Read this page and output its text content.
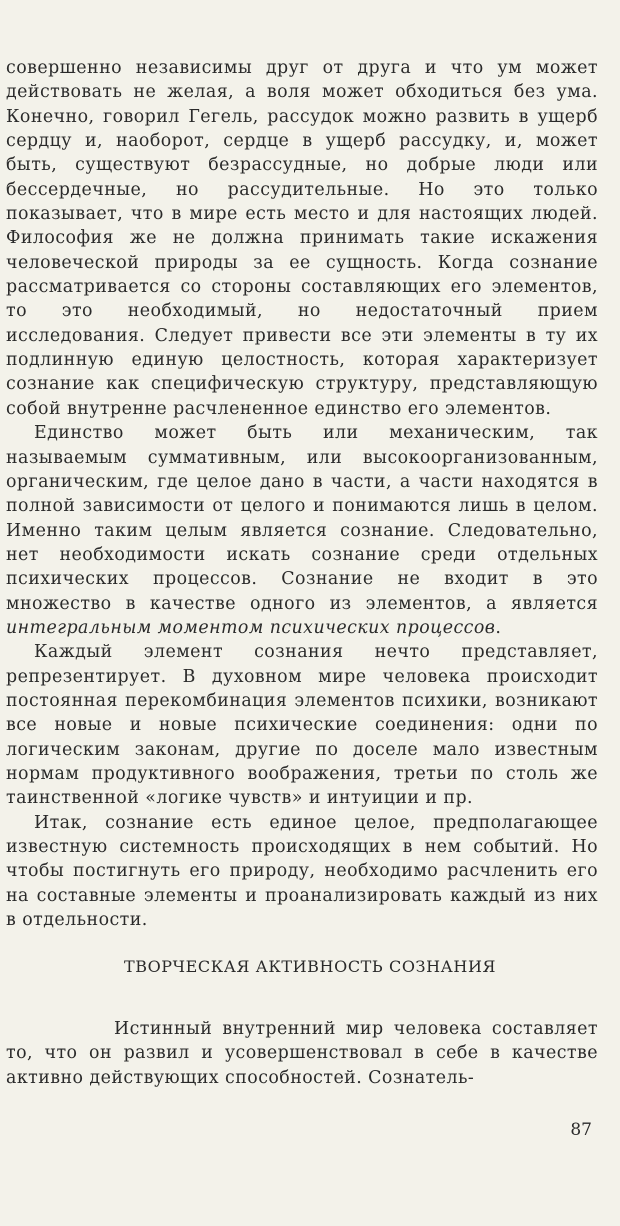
совершенно независимы друг от друга и что ум может действовать не желая, а воля может обходиться без ума. Конечно, говорил Гегель, рассудок можно развить в ущерб сердцу и, наоборот, сердце в ущерб рассудку, и, может быть, существуют безрассудные, но добрые люди или бессердечные, но рассудительные. Но это только показывает, что в мире есть место и для настоящих людей. Философия же не должна принимать такие искажения человеческой природы за ее сущность. Когда сознание рассматривается со стороны составляющих его элементов, то это необходимый, но недостаточный прием исследования. Следует привести все эти элементы в ту их подлинную единую целостность, которая характеризует сознание как специфическую структуру, представляющую собой внутренне расчлененное единство его элементов.

Единство может быть или механическим, так называемым суммативным, или высокоорганизованным, органическим, где целое дано в части, а части находятся в полной зависимости от целого и понимаются лишь в целом. Именно таким целым является сознание. Следовательно, нет необходимости искать сознание среди отдельных психических процессов. Сознание не входит в это множество в качестве одного из элементов, а является интегральным моментом психических процессов.

Каждый элемент сознания нечто представляет, репрезентирует. В духовном мире человека происходит постоянная перекомбинация элементов психики, возникают все новые и новые психические соединения: одни по логическим законам, другие по доселе мало известным нормам продуктивного воображения, третьи по столь же таинственной «логике чувств» и интуиции и пр.

Итак, сознание есть единое целое, предполагающее известную системность происходящих в нем событий. Но чтобы постигнуть его природу, необходимо расчленить его на составные элементы и проанализировать каждый из них в отдельности.

ТВОРЧЕСКАЯ АКТИВНОСТЬ СОЗНАНИЯ

Истинный внутренний мир человека составляет то, что он развил и усовершенствовал в себе в качестве активно действующих способностей. Сознатель-

87
